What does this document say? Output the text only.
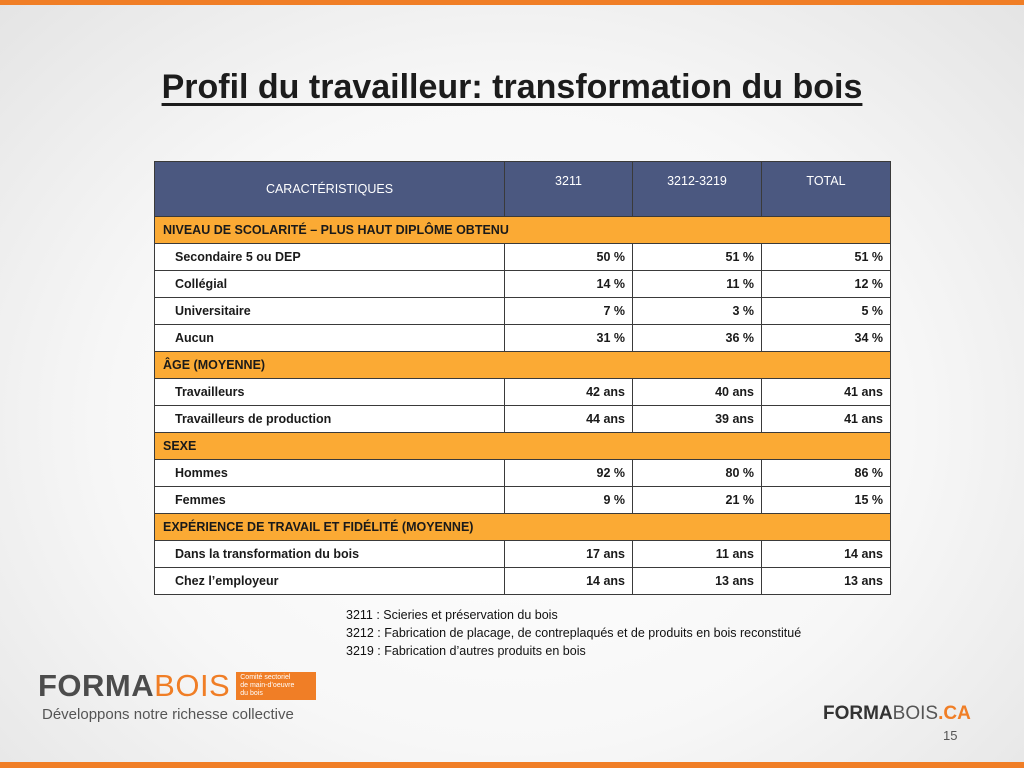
Profil du travailleur: transformation du bois
CARACTÉRISTIQUES	3211	3212-3219	TOTAL
NIVEAU DE SCOLARITÉ – PLUS HAUT DIPLÔME OBTENU			
Secondaire 5 ou DEP	50 %	51 %	51 %
Collégial	14 %	11 %	12 %
Universitaire	7 %	3 %	5 %
Aucun	31 %	36 %	34 %
ÂGE (MOYENNE)			
Travailleurs	42 ans	40 ans	41 ans
Travailleurs de production	44 ans	39 ans	41 ans
SEXE			
Hommes	92 %	80 %	86 %
Femmes	9 %	21 %	15 %
EXPÉRIENCE DE TRAVAIL ET FIDÉLITÉ (MOYENNE)			
Dans la transformation du bois	17 ans	11 ans	14 ans
Chez l’employeur	14 ans	13 ans	13 ans
3211 : Scieries et préservation du bois
3212 : Fabrication de placage, de contreplaqués et de produits en bois reconstitué
3219 : Fabrication d’autres produits en bois
FORMABOIS Comité sectoriel
de main-d’oeuvre
du bois
Développons notre richesse collective	FORMABOIS.CA
15
